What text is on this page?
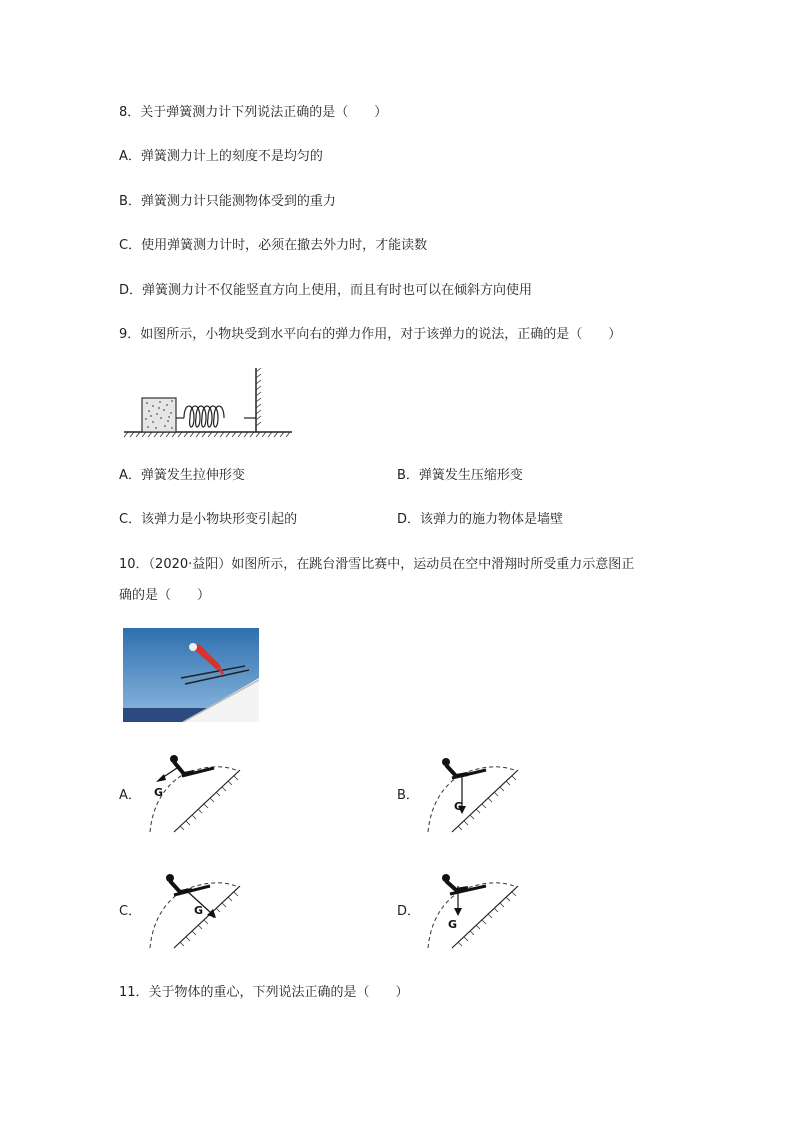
8．关于弹簧测力计下列说法正确的是（　　）
A．弹簧测力计上的刻度不是均匀的
B．弹簧测力计只能测物体受到的重力
C．使用弹簧测力计时，必须在撤去外力时，才能读数
D．弹簧测力计不仅能竖直方向上使用，而且有时也可以在倾斜方向使用
9．如图所示，小物块受到水平向右的弹力作用，对于该弹力的说法，正确的是（　　）
A．弹簧发生拉伸形变	B．弹簧发生压缩形变
C．该弹力是小物块形变引起的	D．该弹力的施力物体是墙壁
10．（2020·益阳）如图所示，在跳台滑雪比赛中，运动员在空中滑翔时所受重力示意图正
确的是（　　）
A． G	B．
G
C．	G	D．
G
11．关于物体的重心，下列说法正确的是（　　）
